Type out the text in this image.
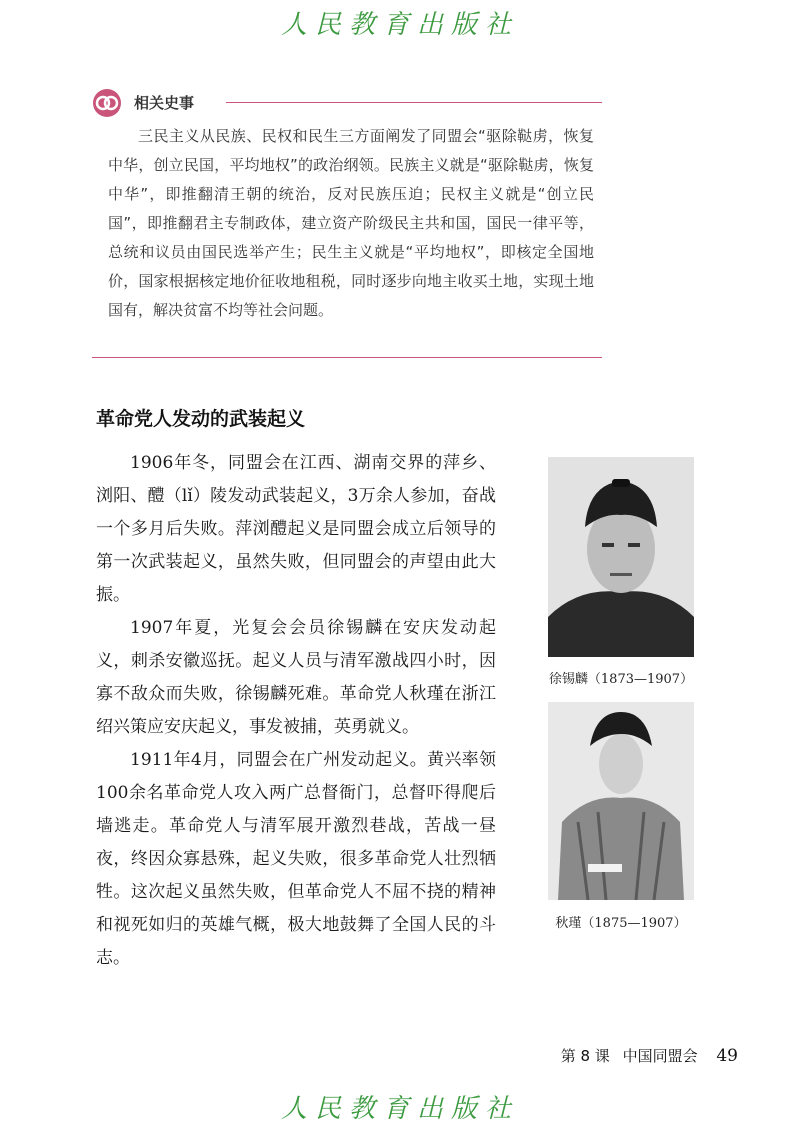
人民教育出版社
相关史事
三民主义从民族、民权和民生三方面阐发了同盟会“驱除鞑虏，恢复中华，创立民国，平均地权”的政治纲领。民族主义就是“驱除鞑虏，恢复中华”，即推翻清王朝的统治，反对民族压迫；民权主义就是“创立民国”，即推翻君主专制政体，建立资产阶级民主共和国，国民一律平等，总统和议员由国民选举产生；民生主义就是“平均地权”，即核定全国地价，国家根据核定地价征收地租税，同时逐步向地主收买土地，实现土地国有，解决贫富不均等社会问题。
革命党人发动的武装起义

1906年冬，同盟会在江西、湖南交界的萍乡、浏阳、醴（lǐ）陵发动武装起义，3万余人参加，奋战一个多月后失败。萍浏醴起义是同盟会成立后领导的第一次武装起义，虽然失败，但同盟会的声望由此大振。

1907年夏，光复会会员徐锡麟在安庆发动起义，刺杀安徽巡抚。起义人员与清军激战四小时，因寡不敌众而失败，徐锡麟死难。革命党人秋瑾在浙江绍兴策应安庆起义，事发被捕，英勇就义。

1911年4月，同盟会在广州发动起义。黄兴率领100余名革命党人攻入两广总督衙门，总督吓得爬后墙逃走。革命党人与清军展开激烈巷战，苦战一昼夜，终因众寡悬殊，起义失败，很多革命党人壮烈牺牲。这次起义虽然失败，但革命党人不屈不挠的精神和视死如归的英雄气概，极大地鼓舞了全国人民的斗志。

徐锡麟（1873—1907）
秋瑾（1875—1907）
第 8 课 中国同盟会 49
人民教育出版社
